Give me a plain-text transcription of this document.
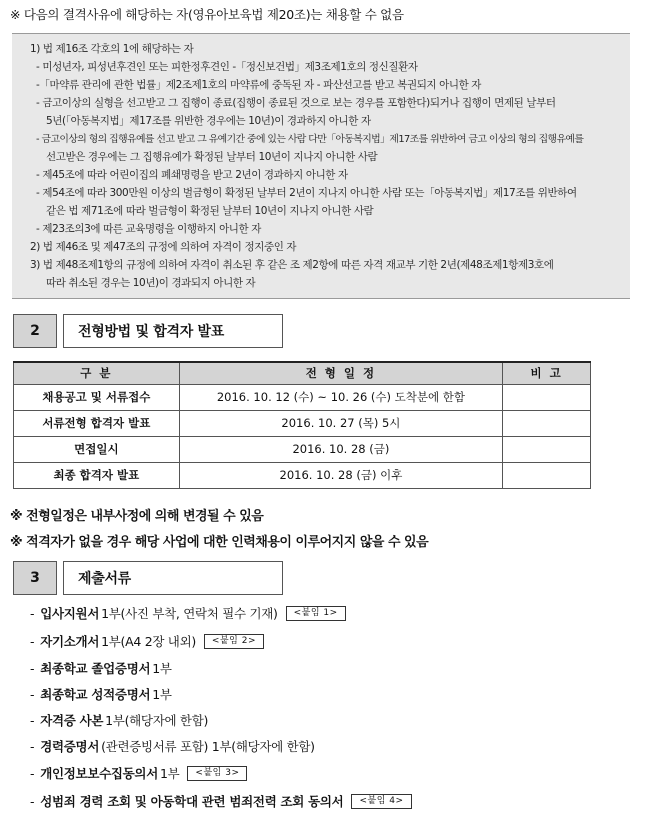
※ 다음의 결격사유에 해당하는 자(영유아보육법 제20조)는 채용할 수 없음
1) 법 제16조 각호의 1에 해당하는 자
- 미성년자, 피성년후견인 또는 피한정후견인 -「정신보건법」제3조제1호의 정신질환자
-「마약류 관리에 관한 법률」제2조제1호의 마약류에 중독된 자 - 파산선고를 받고 복권되지 아니한 자
- 금고이상의 실형을 선고받고 그 집행이 종료(집행이 종료된 것으로 보는 경우를 포함한다)되거나 집행이 면제된 날부터
5년(「아동복지법」제17조를 위반한 경우에는 10년)이 경과하지 아니한 자
- 금고이상의 형의 집행유예를 선고 받고 그 유예기간 중에 있는 사람 다만「아동복지법」제17조를 위반하여 금고 이상의 형의 집행유예를
선고받은 경우에는 그 집행유예가 확정된 날부터 10년이 지나지 아니한 사람
- 제45조에 따라 어린이집의 폐쇄명령을 받고 2년이 경과하지 아니한 자
- 제54조에 따라 300만원 이상의 벌금형이 확정된 날부터 2년이 지나지 아니한 사람 또는「아동복지법」제17조를 위반하여
같은 법 제71조에 따라 벌금형이 확정된 날부터 10년이 지나지 아니한 사람
- 제23조의3에 따른 교육명령을 이행하지 아니한 자
2) 법 제46조 및 제47조의 규정에 의하여 자격이 정지중인 자
3) 법 제48조제1항의 규정에 의하여 자격이 취소된 후 같은 조 제2항에 따른 자격 재교부 기한 2년(제48조제1항제3호에
따라 취소된 경우는 10년)이 경과되지 아니한 자
2	전형방법 및 합격자 발표
구 분	전 형 일 정	비 고
채용공고 및 서류접수	2016. 10. 12 (수) ~ 10. 26 (수) 도착분에 한함	
서류전형 합격자 발표	2016. 10. 27 (목) 5시	
면접일시	2016. 10. 28 (금)	
최종 합격자 발표	2016. 10. 28 (금) 이후	
※ 전형일정은 내부사정에 의해 변경될 수 있음
※ 적격자가 없을 경우 해당 사업에 대한 인력채용이 이루어지지 않을 수 있음
3	제출서류
- 입사지원서 1부(사진 부착, 연락처 필수 기재)	<붙임 1>
- 자기소개서 1부(A4 2장 내외)	<붙임 2>
- 최종학교 졸업증명서 1부
- 최종학교 성적증명서 1부
- 자격증 사본 1부(해당자에 한함)
- 경력증명서 (관련증빙서류 포함) 1부(해당자에 한함)
- 개인정보보수집동의서 1부	<붙임 3>
- 성범죄 경력 조회 및 아동학대 관련 범죄전력 조회 동의서	<붙임 4>
